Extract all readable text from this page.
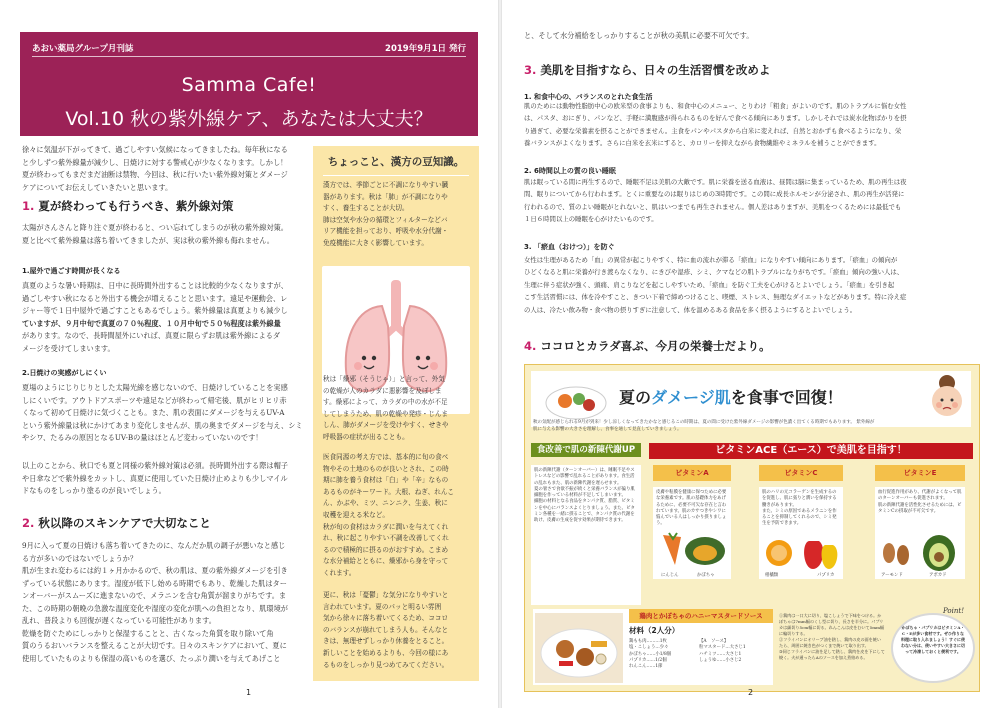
あおい薬局グループ月刊誌	2019年9月1日 発行
Samma Cafe!
Vol.10 秋の紫外線ケア、あなたは大丈夫？
徐々に気温が下がってきて、過ごしやすい気候になってきましたね。毎年秋になる
と少しずつ紫外線量が減少し、日焼けに対する警戒心が少なくなります。しかし！
夏が終わってもまだまだ油断は禁物、今回は、秋に行いたい紫外線対策とダメージ
ケアについてお伝えしていきたいと思います。
1. 夏が終わっても行うべき、紫外線対策
太陽がさんさんと降り注ぐ夏が終わると、つい忘れてしまうのが秋の紫外線対策。
夏と比べて紫外線量は落ち着いてきましたが、実は秋の紫外線も侮れません。
1.屋外で過ごす時間が長くなる
真夏のような暑い時期は、日中に長時間外出することは比較的少なくなりますが、
過ごしやすい秋になると外出する機会が増えることと思います。遠足や運動会、レ
ジャー等で１日中屋外で過ごすこともあるでしょう。紫外線量は真夏よりも減少し
ていますが、９月中旬で真夏の７０％程度、１０月中旬で５０％程度は紫外線量
があります。なので、長時間屋外にいれば、真夏に限らずお肌は紫外線によるダ
メージを受けてしまいます。
2.日焼けの実感がしにくい
夏場のようにじりじりとした太陽光線を感じないので、日焼けしていることを実感
しにくいです。アウトドアスポーツや遠足などが終わって帰宅後、肌がヒリヒリ赤
くなって初めて日焼けに気づくことも。また、肌の表面にダメージを与えるUV-A
という紫外線量は秋にかけてあまり変化しませんが、肌の奥までダメージを与え、シミ
やシワ、たるみの原因となるUV-Bの量はほとんど変わっていないのです！
以上のことから、秋口でも夏と同様の紫外線対策は必須。長時間外出する際は帽子
や日傘などで紫外線をカットし、真夏に使用していた日焼け止めよりも少しマイル
ドなものをしっかり塗るのが良いでしょう。
2. 秋以降のスキンケアで大切なこと
9月に入って夏の日焼けも落ち着いてきたのに、なんだか肌の調子が悪いなと感じ
る方が多いのではないでしょうか？
肌が生まれ変わるには約１ヶ月かかるので、秋の肌は、夏の紫外線ダメージを引き
ずっている状態にあります。湿度が低下し始める時期でもあり、乾燥した肌はター
ンオーバーがスムーズに進まないので、メラニンを含む角質が溜まりがちです。ま
た、この時期の朝晩の急激な温度変化や湿度の変化が肌への負担となり、肌環境が
乱れ、普段よりも回復が遅くなっている可能性があります。
乾燥を防ぐためにしっかりと保湿することと、古くなった角質を取り除いて角
質のうるおいバランスを整えることが大切です。日々のスキンケアにおいて、夏に
使用していたものよりも保湿の高いものを選び、たっぷり潤いを与えてあげこと
ちょっこと、漢方の豆知識。
漢方では、季節ごとに不調になりやすい臓
器があります。秋は「肺」が不調になりや
すく、養生することが大切。
肺は空気や水分の循環とフィルターなどバ
リア機能を担っており、呼吸や水分代謝・
免疫機能に大きく影響しています。
秋は「燥邪（そうじゃ）」と言って、外気
の乾燥が人のカラダに悪影響を及ぼしま
す。燥邪によって、カラダの中の水が不足
してしまうため、肌の乾燥や発疹・じんま
しん、肺がダメージを受けやすく、せきや
呼吸器の症状が出ることも。
医食同源の考え方では、基本的に旬の食べ
物やその土地のものが良いとされ、この時
期に肺を養う食材は「白」や「辛」なもの
あるものがキーワード。大根、ねぎ、れんこ
ん、かぶや、ミツ、ニンニク、生姜、秋に
収穫を迎える米など。
秋が旬の食材はカラダに潤いを与えてくれ
れ、秋に起こりやすい不調を改善してくれ
るので積極的に摂るのがおすすめ。こまめ
な水分補給とともに、燥邪から身を守って
くれます。
更に、秋は「憂鬱」な気分になりやすいと
言われています。夏のパッと明るい雰囲
気から徐々に落ち着いてくるため、ココロ
のバランスが崩れてしまう人も。そんなと
きは、無理せずしっかり休養をとること。
新しいことを始めるよりも、今回の様にあ
るものをしっかり見つめてみてください。
1
と、そして水分補給をしっかりすることが秋の美肌に必要不可欠です。
3. 美肌を目指すなら、日々の生活習慣を改めよ
1. 和食中心の、バランスのとれた食生活
肌のためには動物性脂肪中心の欧米型の食事よりも、和食中心のメニュー、とりわけ「粗食」がよいのです。肌のトラブルに悩む女性
は、パスタ、おにぎり、パンなど、手軽に満腹感が得られるものを好んで食べる傾向にあります。しかしそれでは炭水化物ばかりを摂
り過ぎて、必要な栄養素を摂ることができません。主食をパンやパスタから白米に変えれば、自然とおかずも食べるようになり、栄
養バランスがよくなります。さらに白米を玄米にすると、カロリーを抑えながら食物繊維やミネラルを補うことができます。
2. 6時間以上の質の良い睡眠
肌は眠っている間に再生するので、睡眠不足は美肌の大敵です。肌に栄養を送る血液は、昼間は脳に集まっているため、肌の再生は夜
間、眠りについてから行われます。とくに重要なのは眠りはじめの3時間です。この間に成長ホルモンが分泌され、肌の再生が活発に
行われるので、質のよい睡眠がとれないと、肌はいつまでも再生されません。個人差はありますが、美肌をつくるためには最低でも
１日６時間以上の睡眠を心がけたいものです。
3. 「瘀血（おけつ）」を防ぐ
女性は生理があるため「血」の異常が起こりやすく、特に血の流れが滞る「瘀血」になりやすい傾向にあります。「瘀血」の傾向が
ひどくなると肌に栄養が行き渡らなくなり、にきびや湿疹、シミ、クマなどの肌トラブルになりがちです。「瘀血」傾向の強い人は、
生理に伴う症状が強く、頭痛、肩こりなどを起こしやすいため、「瘀血」を防ぐ工夫を心がけるとよいでしょう。「瘀血」を引き起
こす生活習慣には、体を冷やすこと、きつい下着で締めつけること、喫煙、ストレス、無理なダイエットなどがあります。特に冷え症
の人は、冷たい飲み物・食べ物の摂りすぎに注意して、体を温めるある食品を多く摂るようにするとよいでしょう。
4. ココロとカラダ喜ぶ、今月の栄養士だより。
夏のダメージ肌を食事で回復！
秋の気配が感じられる9月が到来！少し涼しくなってきたかなと感じるこの時期は、夏の間に受けた紫外線ダメージの影響が色濃く出てくる時期でもあります。 紫外線が肌に与える影響の大きさを理解し、食事を通して見直していきましょう。
食改善で肌の新陳代謝UP	ビタミンACE（エース）で美肌を目指す！
肌の新陳代謝（ターンオーバー）は、睡眠不足やストレスなどの影響で乱れることがあります。食生活の乱れもまた、肌の新陳代謝を遅らせます。
夏の暑さで食欲不振が続くと栄養バランスが偏り肌細胞を作っている材料が不足してしまいます。
細胞の材料となる食品をタンパク質、脂質、ビタミンを中心にバランスよくとりましょう。また、ビタミン各種を一緒に摂ることで、タンパク質の代謝を助け、皮膚の生成を促す効果が期待できます。
ビタミンA
皮膚や粘膜を健康に保つために必要な栄養素です。肌の基礎体力をあげるために、必要不可欠な存在と言われています。肌のカサつきやシワに悩んでいる人はしっかり摂りましょう。
ビタミンC
肌のハリの元コラーゲンを生成するのを促進し、肌に張りと潤いを保持する働きがあります。
また、シミの原因であるメラニンを作ることを抑制してくれるので、シミ発生を予防できます。
ビタミンE
血行促進作用があり、代謝がよくなって肌のターンオーバーも促進されます。
肌の新陳代謝を活性化させるためには、ビタミンCの摂取が不可欠です。
にんじん	かぼちゃ	柑橘類	パプリカ	アーモンド	アボカド
鶏肉とかぼちゃのハニーマスタードソース
材料（2人分）
鶏もも肉………1枚
塩・こしょう…少々
かぼちゃ……小1/8個
パプリカ……1/2個
れんこん……1節
【A　ソース】
粒マスタード…大さじ1
ハチミツ……大さじ1
しょうゆ……小さじ2
①鶏肉は一口大に切り、塩こしょうで下味をつける。かぼちゃは7mm幅のくし型に切り、長さを半分に。パプリカは細切り5cm幅に切る。れんこんは皮をむいて5mm幅に輪切りする。
②フライパンにオリーブ油を熱し、鶏肉の皮の面を焼いたら、周囲に焼き色がつくまで焼いて取り出す。
③同じフライパンに油を足して熱し、鶏肉を皮を下にして焼く。火が通ったらAのソースを加え煮絡める。
Point!
かぼちゃ・パプリカはビタミンA・C・Eが多い食材です。ぜひ作りな料理に取り入れましょう！すぐに使わない分は、使いやすい大きさに切って冷凍しておくと便利です。
2
